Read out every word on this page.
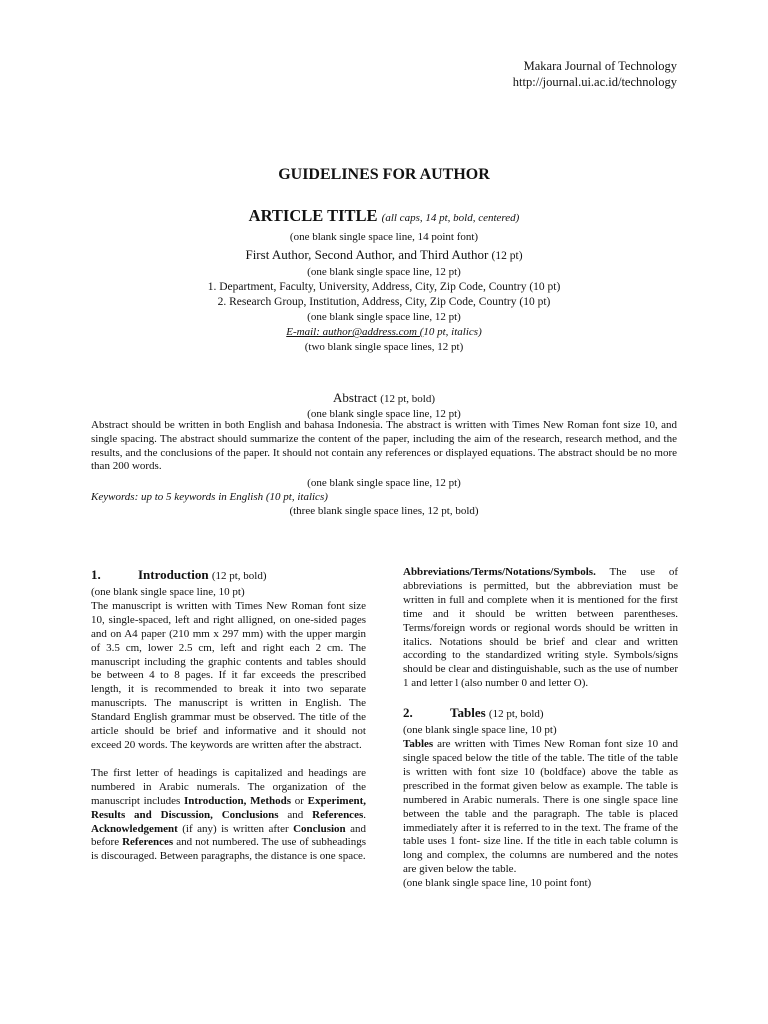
Makara Journal of Technology
http://journal.ui.ac.id/technology
GUIDELINES FOR AUTHOR
ARTICLE TITLE (all caps, 14 pt, bold, centered)
(one blank single space line, 14 point font)
First Author, Second Author, and Third Author (12 pt)
(one blank single space line, 12 pt)
1. Department, Faculty, University, Address, City, Zip Code, Country (10 pt)
2. Research Group, Institution, Address, City, Zip Code, Country (10 pt)
(one blank single space line, 12 pt)
E-mail: author@address.com (10 pt, italics)
(two blank single space lines, 12 pt)
Abstract (12 pt, bold)
(one blank single space line, 12 pt)
Abstract should be written in both English and bahasa Indonesia. The abstract is written with Times New Roman font size 10, and single spacing. The abstract should summarize the content of the paper, including the aim of the research, research method, and the results, and the conclusions of the paper. It should not contain any references or displayed equations. The abstract should be no more than 200 words.
(one blank single space line, 12 pt)
Keywords: up to 5 keywords in English (10 pt, italics)
(three blank single space lines, 12 pt, bold)
1.	Introduction (12 pt, bold)
(one blank single space line, 10 pt)

The manuscript is written with Times New Roman font size 10, single-spaced, left and right alligned, on one-sided pages and on A4 paper (210 mm x 297 mm) with the upper margin of 3.5 cm, lower 2.5 cm, left and right each 2 cm. The manuscript including the graphic contents and tables should be between 4 to 8 pages. If it far exceeds the prescribed length, it is recommended to break it into two separate manuscripts. The manuscript is written in English. The Standard English grammar must be observed. The title of the article should be brief and informative and it should not exceed 20 words. The keywords are written after the abstract.

The first letter of headings is capitalized and headings are numbered in Arabic numerals. The organization of the manuscript includes Introduction, Methods or Experiment, Results and Discussion, Conclusions and References. Acknowledgement (if any) is written after Conclusion and before References and not numbered. The use of subheadings is discouraged. Between paragraphs, the distance is one space.

Abbreviations/Terms/Notations/Symbols. The use of abbreviations is permitted, but the abbreviation must be written in full and complete when it is mentioned for the first time and it should be written between parentheses. Terms/foreign words or regional words should be written in italics. Notations should be brief and clear and written according to the standardized writing style. Symbols/signs should be clear and distinguishable, such as the use of number 1 and letter l (also number 0 and letter O).

2.	Tables (12 pt, bold)
(one blank single space line, 10 pt)

Tables are written with Times New Roman font size 10 and single spaced below the title of the table. The title of the table is written with font size 10 (boldface) above the table as prescribed in the format given below as example. The table is numbered in Arabic numerals. There is one single space line between the table and the paragraph. The table is placed immediately after it is referred to in the text. The frame of the table uses 1 font- size line. If the title in each table column is long and complex, the columns are numbered and the notes are given below the table.

(one blank single space line, 10 point font)
